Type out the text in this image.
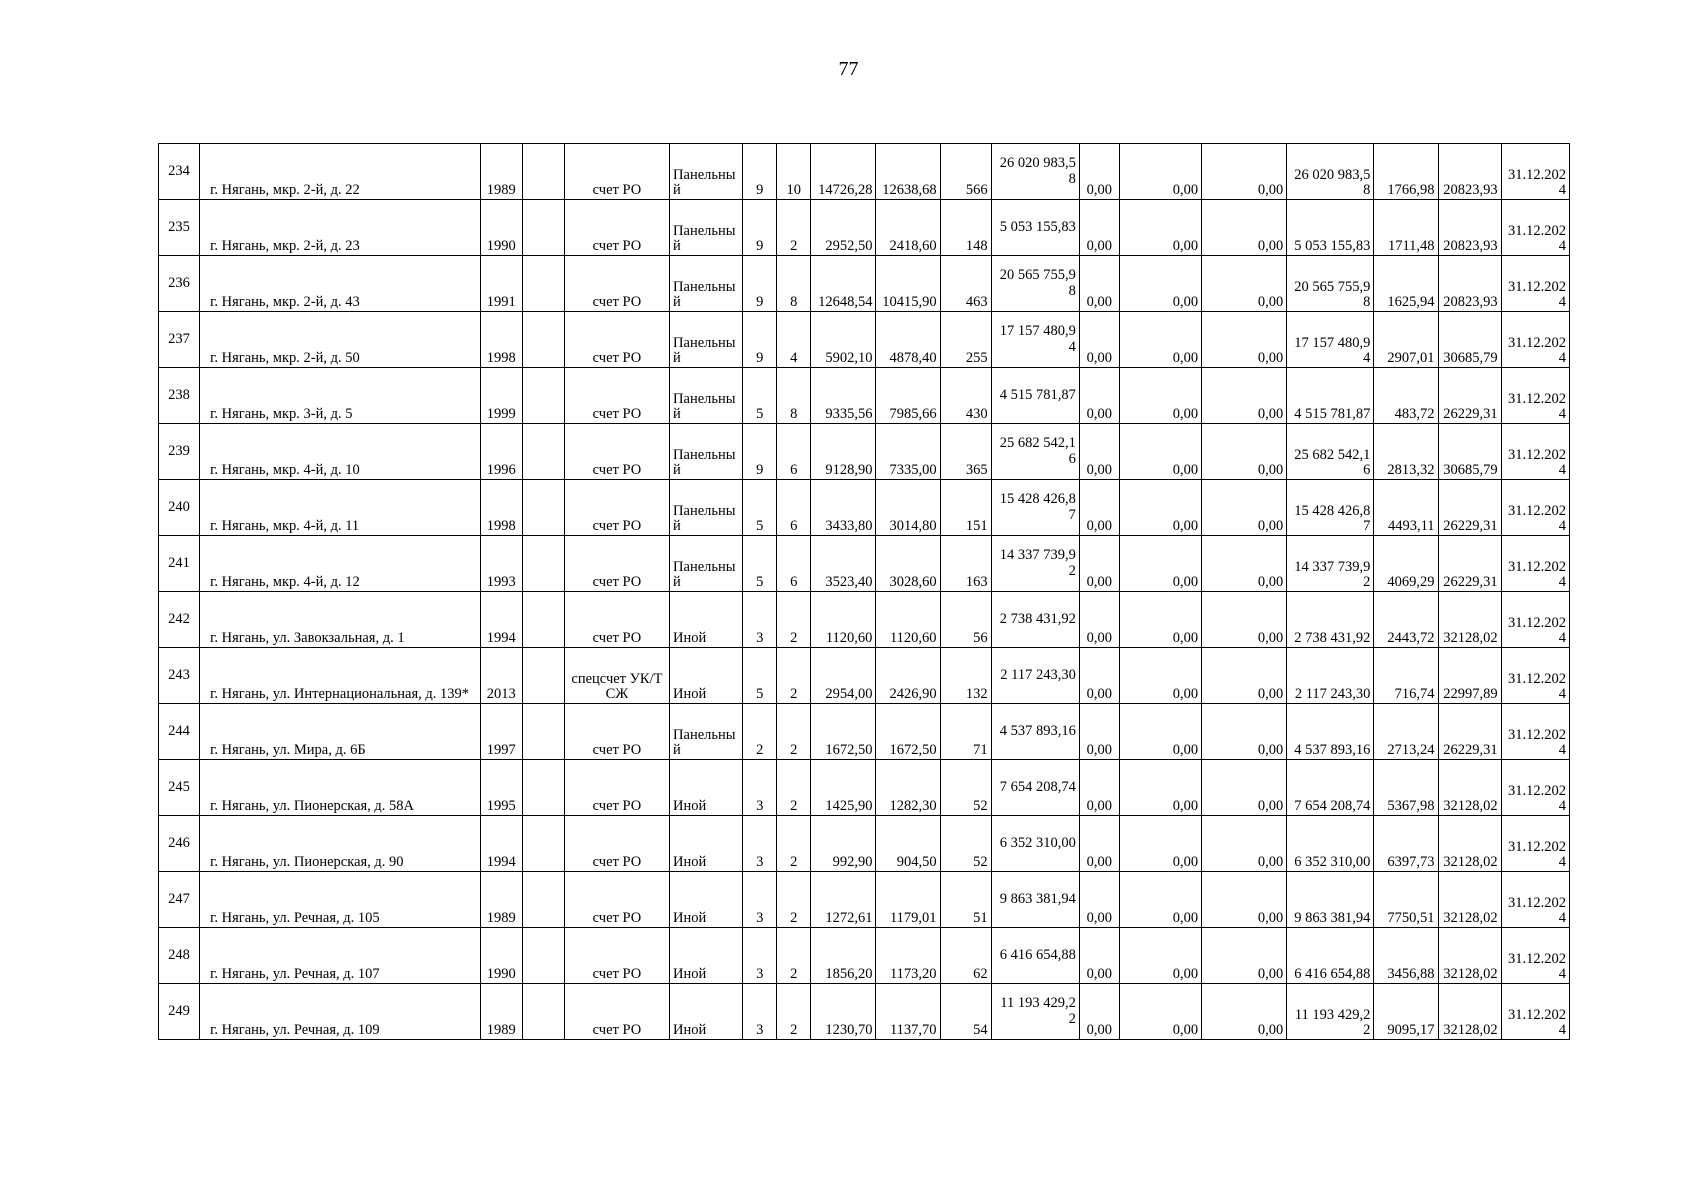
77
234	г. Нягань, мкр. 2-й, д. 22	1989		счет РО	Панельный	9	10	14726,28	12638,68	566	26 020 983,58	0,00	0,00	0,00	26 020 983,58	1766,98	20823,93	31.12.2024
235	г. Нягань, мкр. 2-й, д. 23	1990		счет РО	Панельный	9	2	2952,50	2418,60	148	5 053 155,83	0,00	0,00	0,00	5 053 155,83	1711,48	20823,93	31.12.2024
236	г. Нягань, мкр. 2-й, д. 43	1991		счет РО	Панельный	9	8	12648,54	10415,90	463	20 565 755,98	0,00	0,00	0,00	20 565 755,98	1625,94	20823,93	31.12.2024
237	г. Нягань, мкр. 2-й, д. 50	1998		счет РО	Панельный	9	4	5902,10	4878,40	255	17 157 480,94	0,00	0,00	0,00	17 157 480,94	2907,01	30685,79	31.12.2024
238	г. Нягань, мкр. 3-й, д. 5	1999		счет РО	Панельный	5	8	9335,56	7985,66	430	4 515 781,87	0,00	0,00	0,00	4 515 781,87	483,72	26229,31	31.12.2024
239	г. Нягань, мкр. 4-й, д. 10	1996		счет РО	Панельный	9	6	9128,90	7335,00	365	25 682 542,16	0,00	0,00	0,00	25 682 542,16	2813,32	30685,79	31.12.2024
240	г. Нягань, мкр. 4-й, д. 11	1998		счет РО	Панельный	5	6	3433,80	3014,80	151	15 428 426,87	0,00	0,00	0,00	15 428 426,87	4493,11	26229,31	31.12.2024
241	г. Нягань, мкр. 4-й, д. 12	1993		счет РО	Панельный	5	6	3523,40	3028,60	163	14 337 739,92	0,00	0,00	0,00	14 337 739,92	4069,29	26229,31	31.12.2024
242	г. Нягань, ул. Завокзальная, д. 1	1994		счет РО	Иной	3	2	1120,60	1120,60	56	2 738 431,92	0,00	0,00	0,00	2 738 431,92	2443,72	32128,02	31.12.2024
243	г. Нягань, ул. Интернациональная, д. 139*	2013		спецсчет УК/ТСЖ	Иной	5	2	2954,00	2426,90	132	2 117 243,30	0,00	0,00	0,00	2 117 243,30	716,74	22997,89	31.12.2024
244	г. Нягань, ул. Мира, д. 6Б	1997		счет РО	Панельный	2	2	1672,50	1672,50	71	4 537 893,16	0,00	0,00	0,00	4 537 893,16	2713,24	26229,31	31.12.2024
245	г. Нягань, ул. Пионерская, д. 58А	1995		счет РО	Иной	3	2	1425,90	1282,30	52	7 654 208,74	0,00	0,00	0,00	7 654 208,74	5367,98	32128,02	31.12.2024
246	г. Нягань, ул. Пионерская, д. 90	1994		счет РО	Иной	3	2	992,90	904,50	52	6 352 310,00	0,00	0,00	0,00	6 352 310,00	6397,73	32128,02	31.12.2024
247	г. Нягань, ул. Речная, д. 105	1989		счет РО	Иной	3	2	1272,61	1179,01	51	9 863 381,94	0,00	0,00	0,00	9 863 381,94	7750,51	32128,02	31.12.2024
248	г. Нягань, ул. Речная, д. 107	1990		счет РО	Иной	3	2	1856,20	1173,20	62	6 416 654,88	0,00	0,00	0,00	6 416 654,88	3456,88	32128,02	31.12.2024
249	г. Нягань, ул. Речная, д. 109	1989		счет РО	Иной	3	2	1230,70	1137,70	54	11 193 429,22	0,00	0,00	0,00	11 193 429,22	9095,17	32128,02	31.12.2024
